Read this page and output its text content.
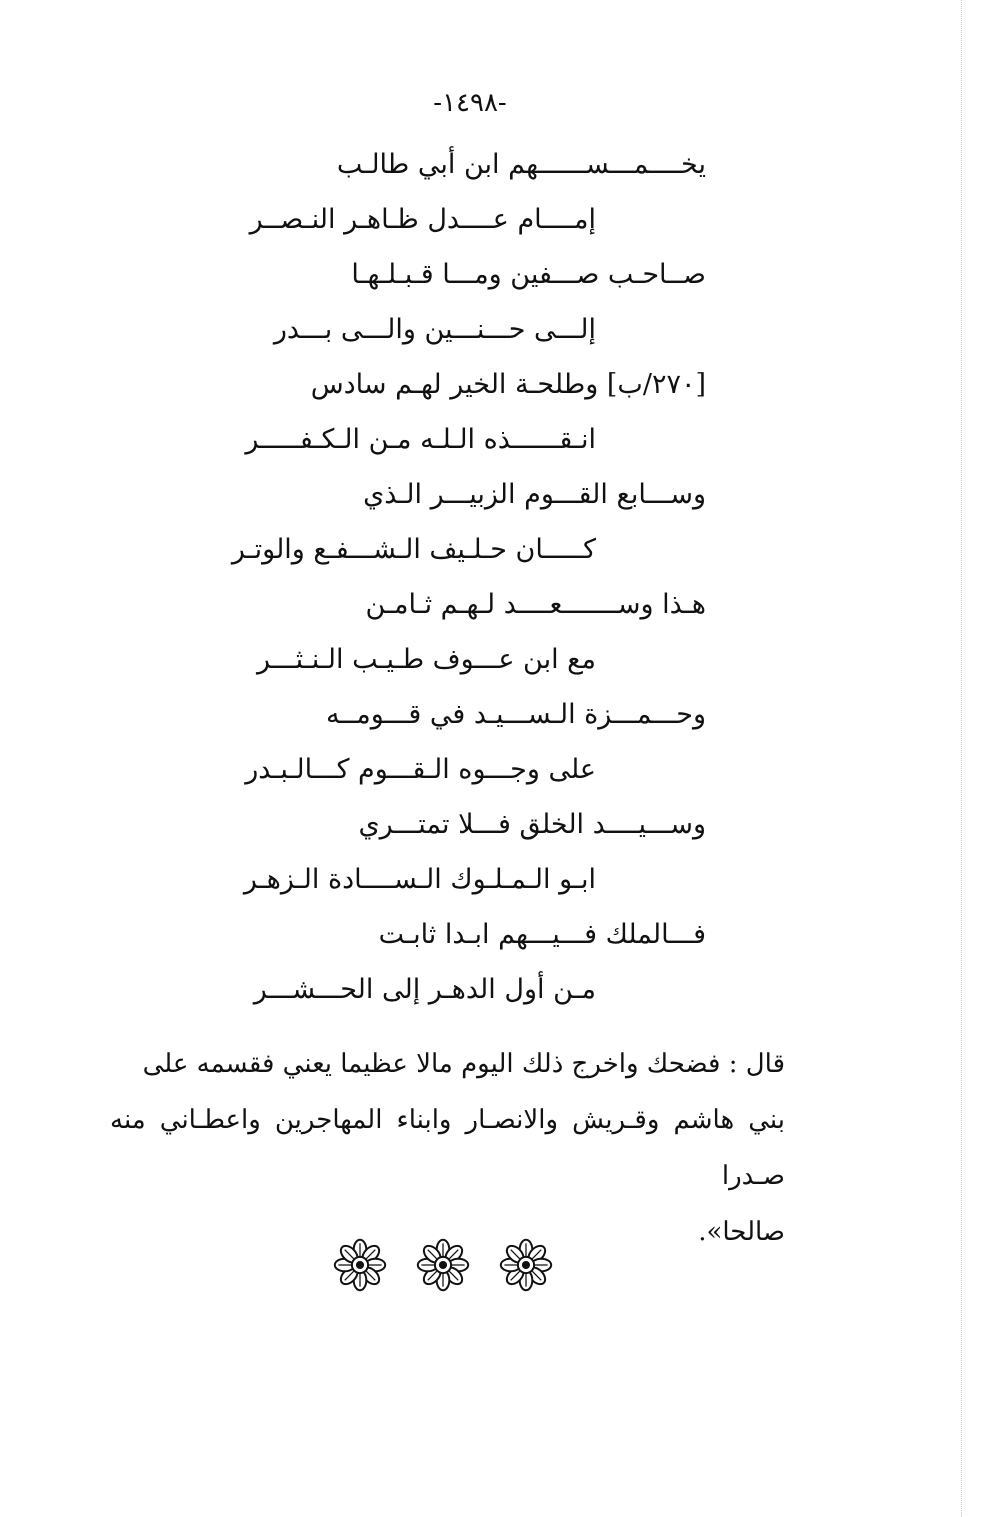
-١٤٩٨-
يخــــمـــســــــهم ابن أبي طالـب
إمــــام عــــدل ظـاهـر النـصــر
صــاحـب صـــفين ومـــا قـبـلـهـا
إلـــى حـــنـــين والـــى بـــدر
[٢٧٠/ب] وطلحـة الخير لهـم سادس
انـقــــــذه الـلـه مـن الـكـفـــــر
وســـابع القـــوم الزبيـــر الـذي
كـــــان حـلـيف الـشـــفـع والوتـر
هـذا وســـــــعــــد لـهـم ثـامـن
مع ابن عـــوف طـيـب الـنـثـــر
وحـــمـــزة الـســـيـد في قـــومــه
على وجـــوه الـقـــوم كـــالـبـدر
وســـيــــد الخلق فـــلا تمتـــري
ابـو الـمـلـوك الـســــادة الـزهـر
فـــالملك فـــيـــهم ابـدا ثابـت
مـن أول الدهـر إلى الحـــشـــر
قال : فضحك واخرج ذلك اليوم مالا عظيما يعني فقسمه على
بني هاشم وقـريش والانصـار وابناء المهاجرين واعطـاني منه صـدرا
صالحا».
